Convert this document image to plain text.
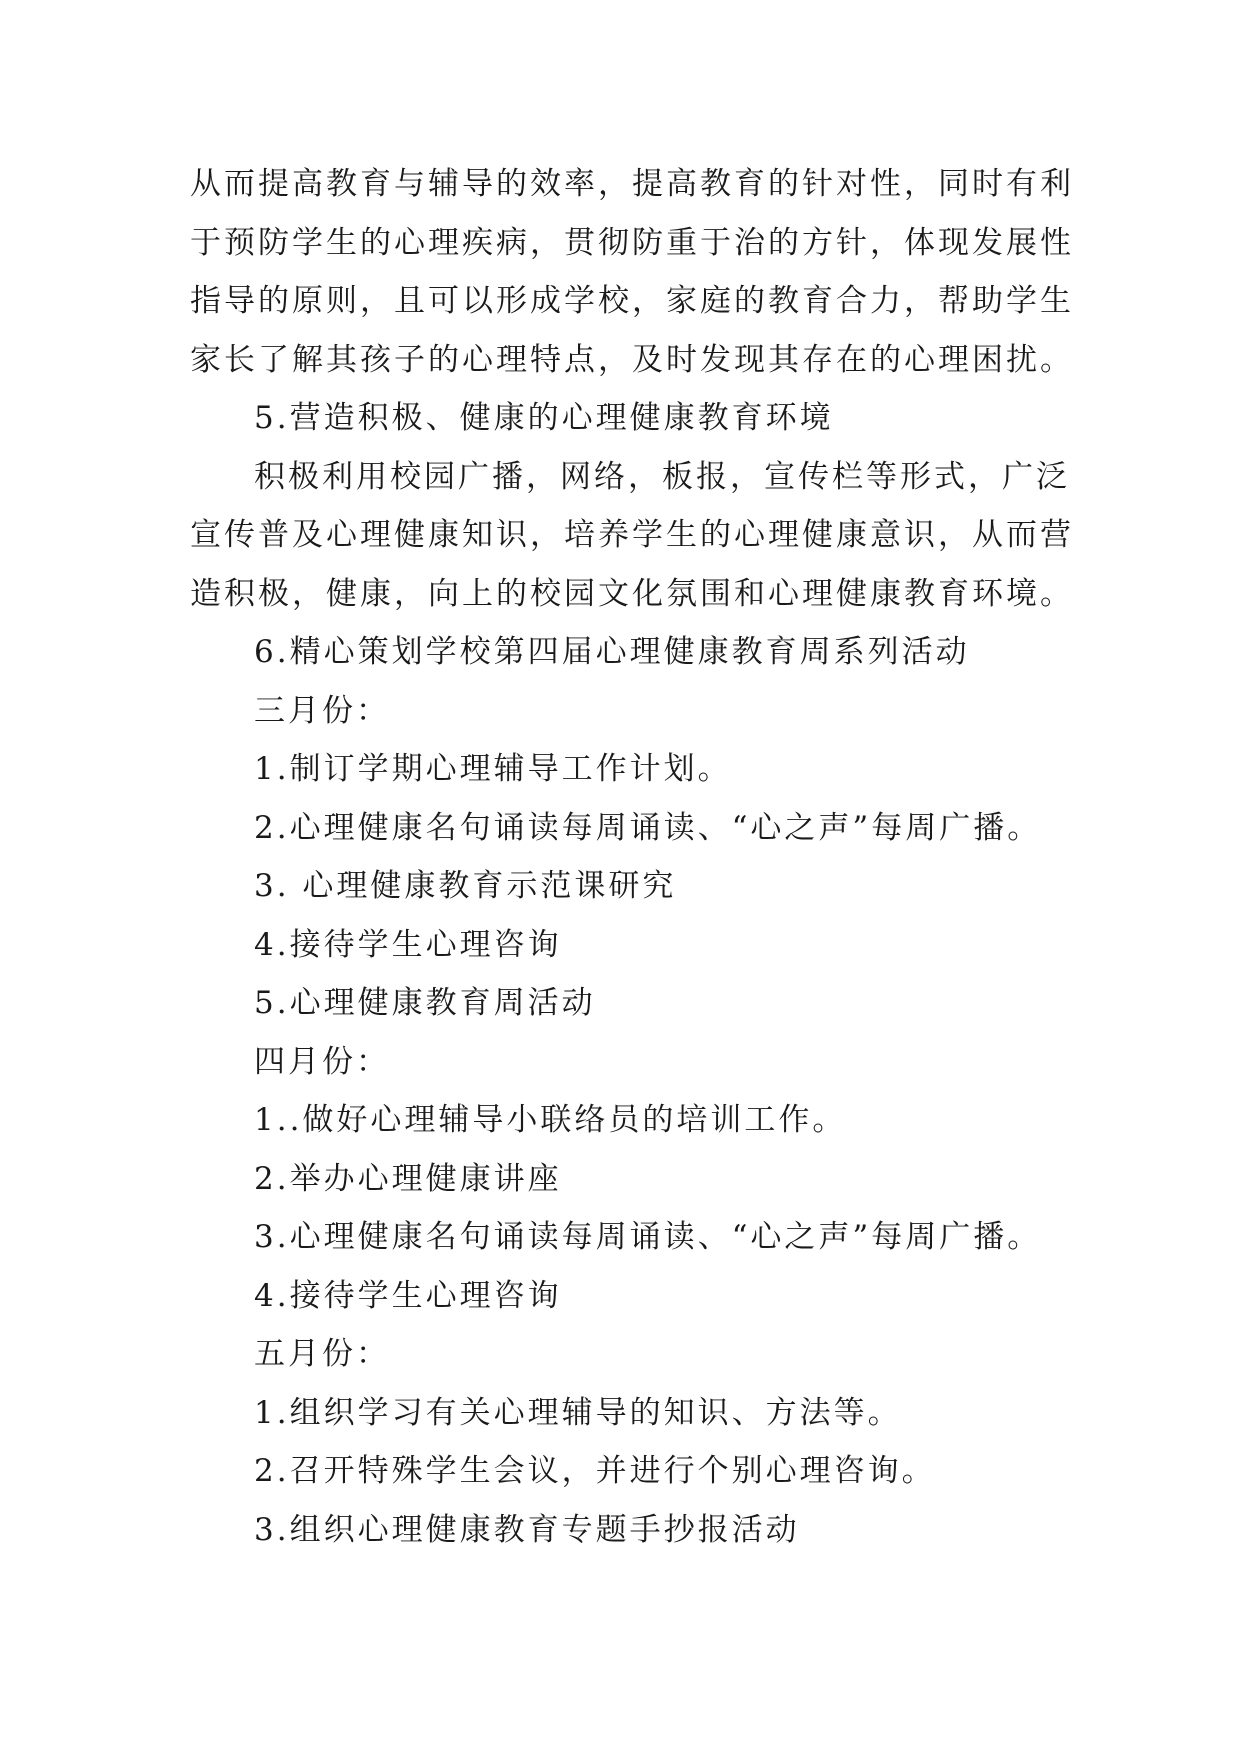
从而提高教育与辅导的效率，提高教育的针对性，同时有利
于预防学生的心理疾病，贯彻防重于治的方针，体现发展性
指导的原则，且可以形成学校，家庭的教育合力，帮助学生
家长了解其孩子的心理特点，及时发现其存在的心理困扰。
5.营造积极、健康的心理健康教育环境
积极利用校园广播，网络，板报，宣传栏等形式，广泛
宣传普及心理健康知识，培养学生的心理健康意识，从而营
造积极，健康，向上的校园文化氛围和心理健康教育环境。
6.精心策划学校第四届心理健康教育周系列活动
三月份：
1.制订学期心理辅导工作计划。
2.心理健康名句诵读每周诵读、“心之声”每周广播。
3. 心理健康教育示范课研究
4.接待学生心理咨询
5.心理健康教育周活动
四月份：
1..做好心理辅导小联络员的培训工作。
2.举办心理健康讲座
3.心理健康名句诵读每周诵读、“心之声”每周广播。
4.接待学生心理咨询
五月份：
1.组织学习有关心理辅导的知识、方法等。
2.召开特殊学生会议，并进行个别心理咨询。
3.组织心理健康教育专题手抄报活动
